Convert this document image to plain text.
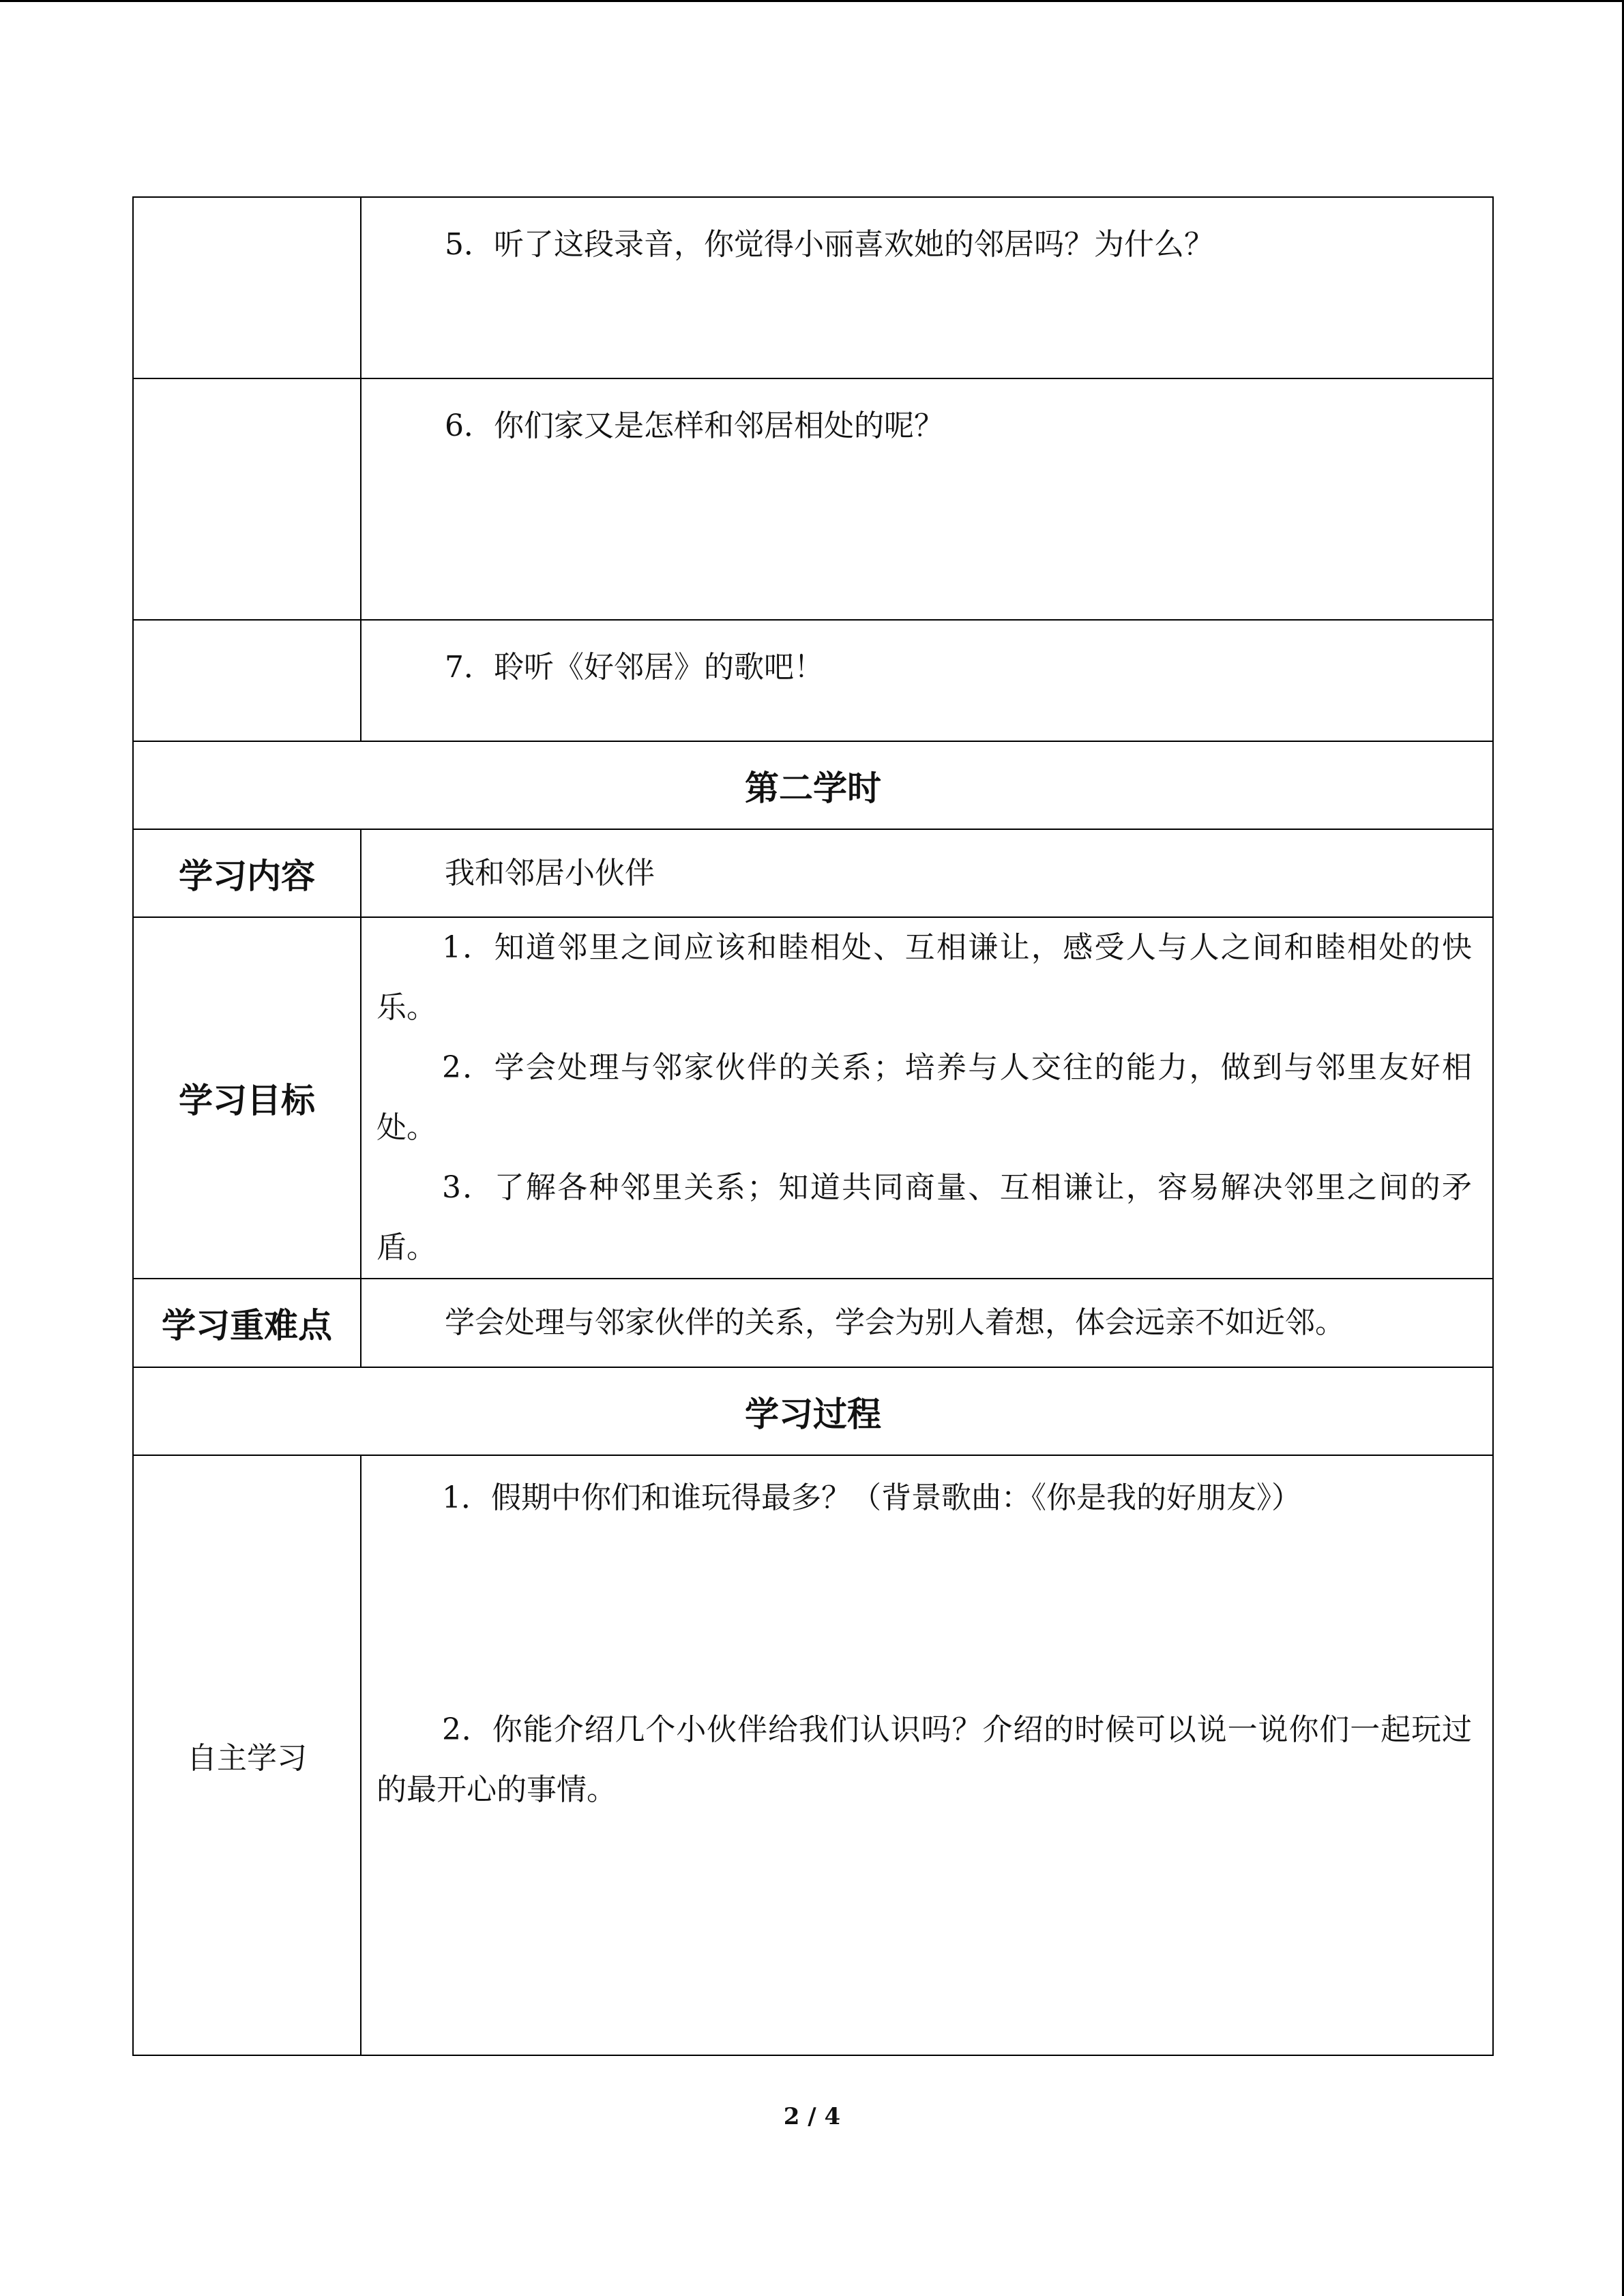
	5．听了这段录音，你觉得小丽喜欢她的邻居吗？为什么？

	6．你们家又是怎样和邻居相处的呢？

	7．聆听《好邻居》的歌吧！

第二学时	
学习内容	我和邻居小伙伴

学习目标	1．知道邻里之间应该和睦相处、互相谦让，感受人与人之间和睦相处的快乐。

2．学会处理与邻家伙伴的关系；培养与人交往的能力，做到与邻里友好相处。

3．了解各种邻里关系；知道共同商量、互相谦让，容易解决邻里之间的矛盾。

学习重难点	学会处理与邻家伙伴的关系，学会为别人着想，体会远亲不如近邻。

学习过程	
自主学习	1．假期中你们和谁玩得最多？（背景歌曲：《你是我的好朋友》）

2．你能介绍几个小伙伴给我们认识吗？介绍的时候可以说一说你们一起玩过的最开心的事情。

2 / 4
